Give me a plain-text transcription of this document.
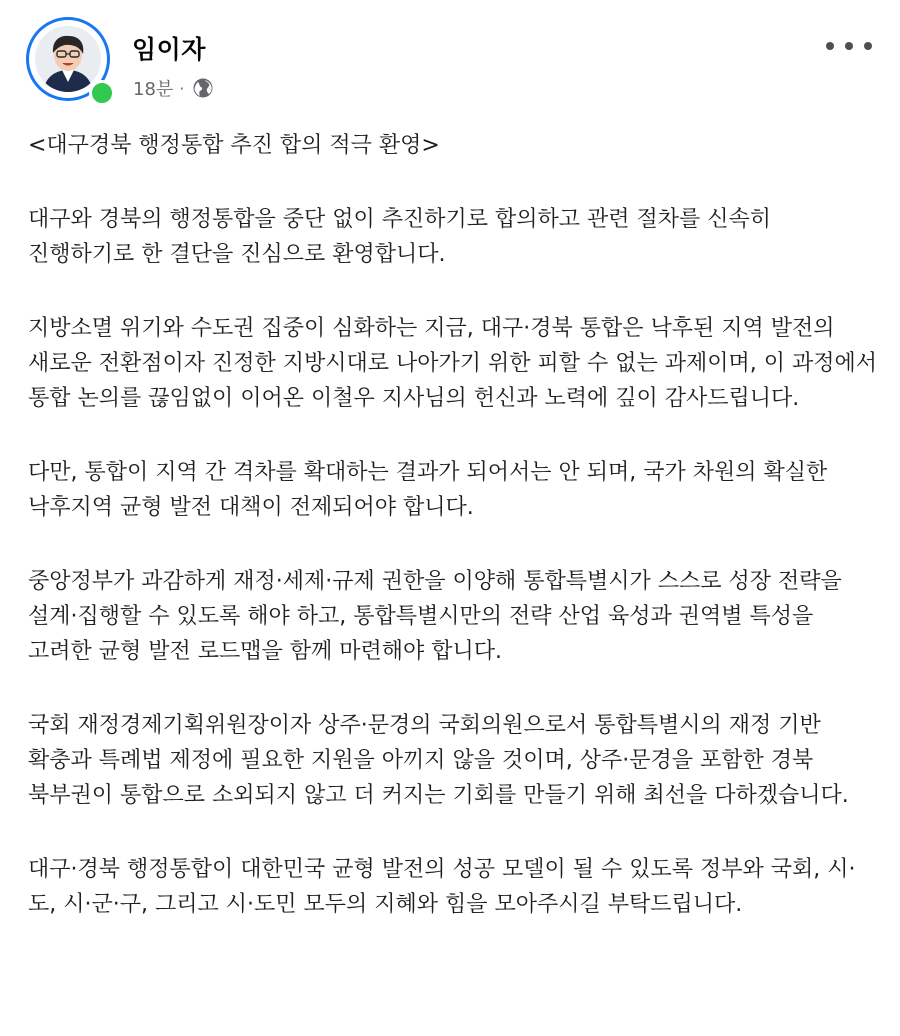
임이자
18분 ·

<대구경북 행정통합 추진 합의 적극 환영>

대구와 경북의 행정통합을 중단 없이 추진하기로 합의하고 관련 절차를 신속히 진행하기로 한 결단을 진심으로 환영합니다.

지방소멸 위기와 수도권 집중이 심화하는 지금, 대구·경북 통합은 낙후된 지역 발전의 새로운 전환점이자 진정한 지방시대로 나아가기 위한 피할 수 없는 과제이며, 이 과정에서 통합 논의를 끊임없이 이어온 이철우 지사님의 헌신과 노력에 깊이 감사드립니다.

다만, 통합이 지역 간 격차를 확대하는 결과가 되어서는 안 되며, 국가 차원의 확실한 낙후지역 균형 발전 대책이 전제되어야 합니다.

중앙정부가 과감하게 재정·세제·규제 권한을 이양해 통합특별시가 스스로 성장 전략을 설계·집행할 수 있도록 해야 하고, 통합특별시만의 전략 산업 육성과 권역별 특성을 고려한 균형 발전 로드맵을 함께 마련해야 합니다.

국회 재정경제기획위원장이자 상주·문경의 국회의원으로서 통합특별시의 재정 기반 확충과 특례법 제정에 필요한 지원을 아끼지 않을 것이며, 상주·문경을 포함한 경북 북부권이 통합으로 소외되지 않고 더 커지는 기회를 만들기 위해 최선을 다하겠습니다.

대구·경북 행정통합이 대한민국 균형 발전의 성공 모델이 될 수 있도록 정부와 국회, 시·도, 시·군·구, 그리고 시·도민 모두의 지혜와 힘을 모아주시길 부탁드립니다.
